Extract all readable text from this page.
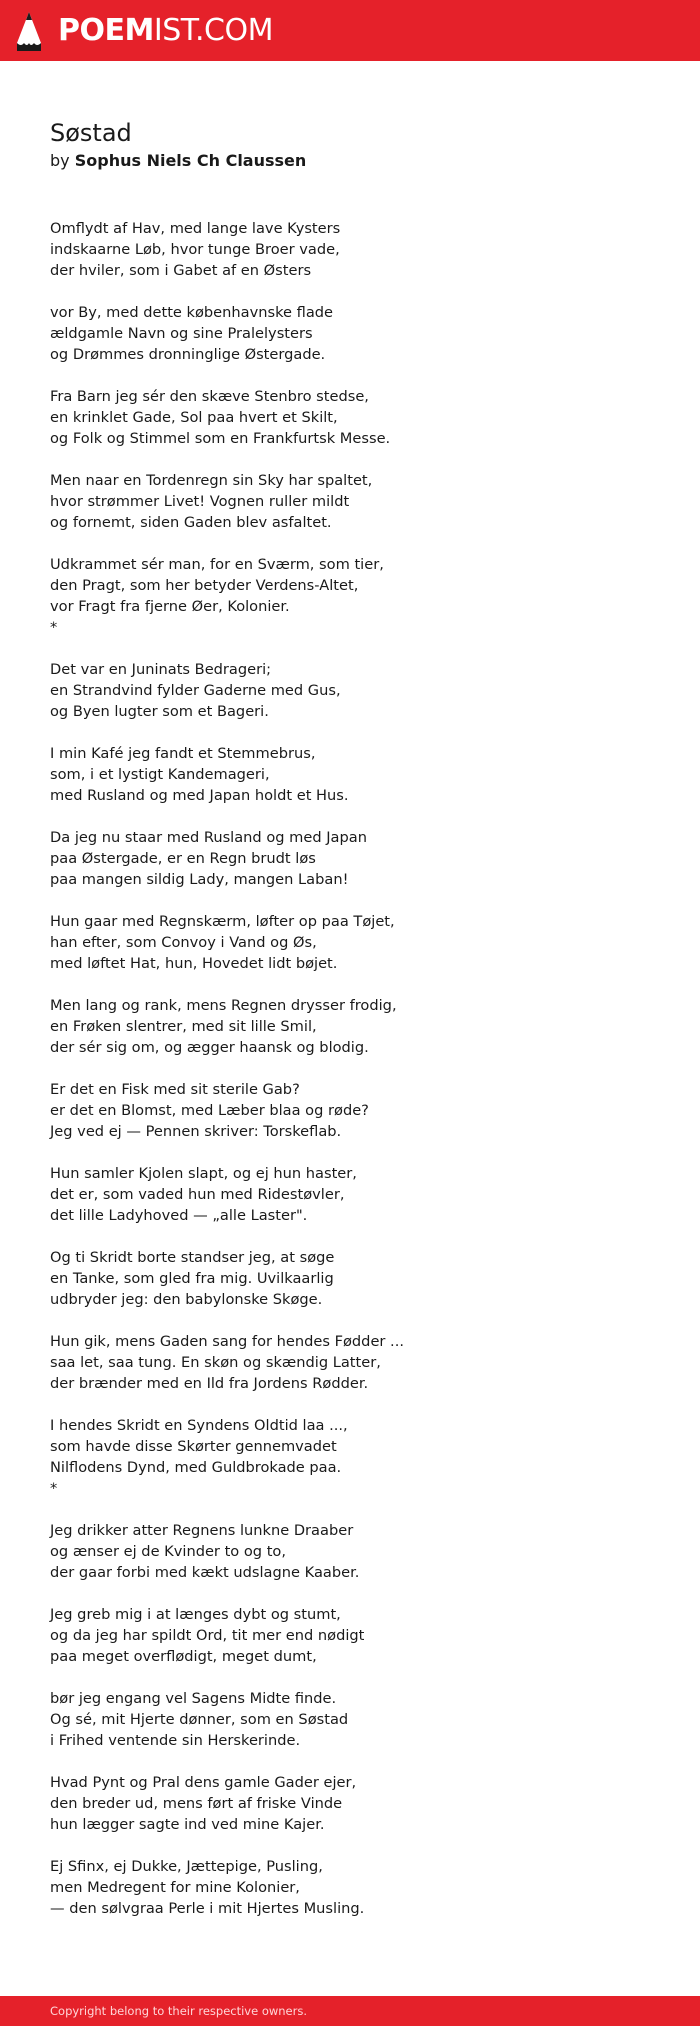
POEMIST.COM
Søstad

by Sophus Niels Ch Claussen

Omflydt af Hav, med lange lave Kysters
indskaarne Løb, hvor tunge Broer vade,
der hviler, som i Gabet af en Østers
vor By, med dette københavnske flade
ældgamle Navn og sine Pralelysters
og Drømmes dronninglige Østergade.
Fra Barn jeg sér den skæve Stenbro stedse,
en krinklet Gade, Sol paa hvert et Skilt,
og Folk og Stimmel som en Frankfurtsk Messe.
Men naar en Tordenregn sin Sky har spaltet,
hvor strømmer Livet! Vognen ruller mildt
og fornemt, siden Gaden blev asfaltet.
Udkrammet sér man, for en Sværm, som tier,
den Pragt, som her betyder Verdens-Altet,
vor Fragt fra fjerne Øer, Kolonier.
*
Det var en Juninats Bedrageri;
en Strandvind fylder Gaderne med Gus,
og Byen lugter som et Bageri.
I min Kafé jeg fandt et Stemmebrus,
som, i et lystigt Kandemageri,
med Rusland og med Japan holdt et Hus.
Da jeg nu staar med Rusland og med Japan
paa Østergade, er en Regn brudt løs
paa mangen sildig Lady, mangen Laban!
Hun gaar med Regnskærm, løfter op paa Tøjet,
han efter, som Convoy i Vand og Øs,
med løftet Hat, hun, Hovedet lidt bøjet.
Men lang og rank, mens Regnen drysser frodig,
en Frøken slentrer, med sit lille Smil,
der sér sig om, og ægger haansk og blodig.
Er det en Fisk med sit sterile Gab?
er det en Blomst, med Læber blaa og røde?
Jeg ved ej — Pennen skriver: Torskeflab.
Hun samler Kjolen slapt, og ej hun haster,
det er, som vaded hun med Ridestøvler,
det lille Ladyhoved — „alle Laster".
Og ti Skridt borte standser jeg, at søge
en Tanke, som gled fra mig. Uvilkaarlig
udbryder jeg: den babylonske Skøge.
Hun gik, mens Gaden sang for hendes Fødder ...
saa let, saa tung. En skøn og skændig Latter,
der brænder med en Ild fra Jordens Rødder.
I hendes Skridt en Syndens Oldtid laa ...,
som havde disse Skørter gennemvadet
Nilflodens Dynd, med Guldbrokade paa.
*
Jeg drikker atter Regnens lunkne Draaber
og ænser ej de Kvinder to og to,
der gaar forbi med kækt udslagne Kaaber.
Jeg greb mig i at længes dybt og stumt,
og da jeg har spildt Ord, tit mer end nødigt
paa meget overflødigt, meget dumt,
bør jeg engang vel Sagens Midte finde.
Og sé, mit Hjerte dønner, som en Søstad
i Frihed ventende sin Herskerinde.
Hvad Pynt og Pral dens gamle Gader ejer,
den breder ud, mens ført af friske Vinde
hun lægger sagte ind ved mine Kajer.
Ej Sfinx, ej Dukke, Jættepige, Pusling,
men Medregent for mine Kolonier,
— den sølvgraa Perle i mit Hjertes Musling.
Copyright belong to their respective owners.
